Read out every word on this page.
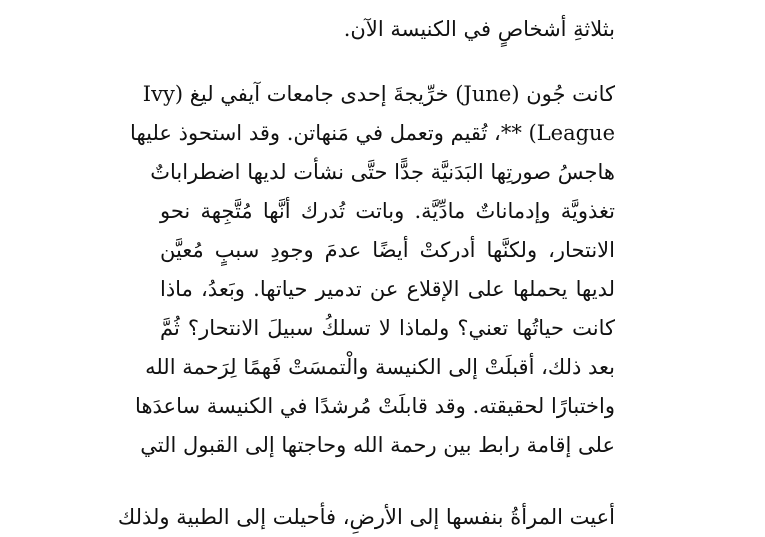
بثلاثةِ أشخاصٍ في الكنيسة الآن.
كانت جُون (June) خرِّيجةَ إحدى جامعات آيفي ليغ (Ivy
League) **، تُقيم وتعمل في مَنهاتن. وقد استحوذ عليها
هاجسُ صورتِها البَدَنيَّة جدًّا حتَّى نشأت لديها اضطراباتٌ
تغذويَّة وإدماناتٌ مادِّيَّة. وباتت تُدرك أنَّها مُتَّجِهة نحو
الانتحار، ولكنَّها أدركتْ أيضًا عدمَ وجودِ سببٍ مُعيَّن
لديها يحملها على الإقلاع عن تدمير حياتها. وبَعدُ، ماذا
كانت حياتُها تعني؟ ولماذا لا تسلكُ سبيلَ الانتحار؟ ثُمَّ
بعد ذلك، أقبلَتْ إلى الكنيسة والْتمسَتْ فَهمًا لِرَحمة الله
واختبارًا لحقيقته. وقد قابلَتْ مُرشدًا في الكنيسة ساعدَها
على إقامة رابط بين رحمة الله وحاجتها إلى القبول التي
أعيت المرأةُ بنفسها إلى الأرضِ، فأحيلت إلى الطبية ولذلك
